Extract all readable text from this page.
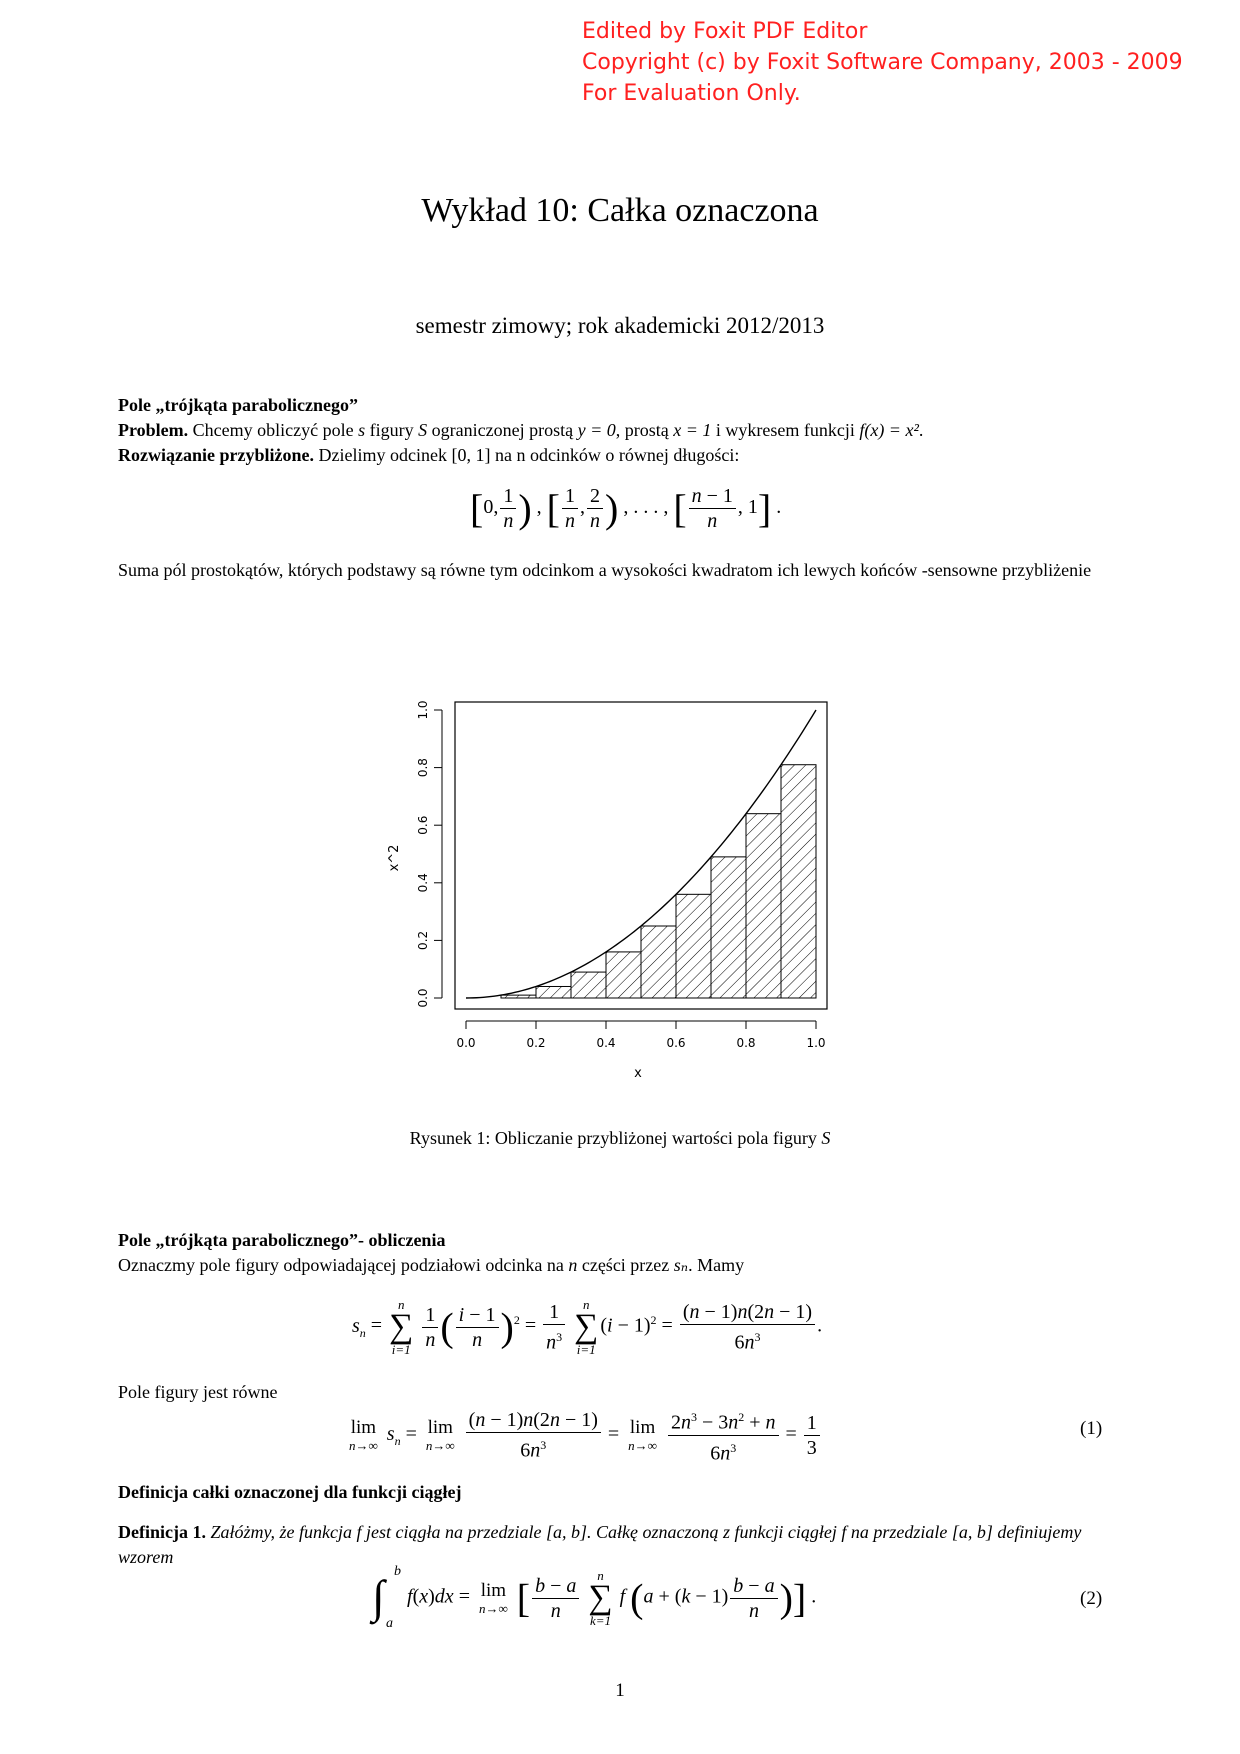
Edited by Foxit PDF Editor
Copyright (c) by Foxit Software Company, 2003 - 2009
For Evaluation Only.
Wykład 10: Całka oznaczona
semestr zimowy; rok akademicki 2012/2013
Pole „trójkąta parabolicznego”
Problem. Chcemy obliczyć pole s figury S ograniczonej prostą y = 0, prostą x = 1 i wykresem funkcji f(x) = x².
Rozwiązanie przybliżone. Dzielimy odcinek [0, 1] na n odcinków o równej długości:
[0, $\frac{1}{n}$ ) , [ $\frac{1}{n}$ , $\frac{2}{n}$ ) , . . . , [ $\frac{n - 1}{n}$ , 1] .
Suma pól prostokątów, których podstawy są równe tym odcinkom a wysokości kwadratom ich lewych końców -sensowne przybliżenie
0.0	0.2	0.4	0.6	0.8	1.0
0.0
0.2
0.4
0.6
0.8
1.0
x
x^2
Rysunek 1: Obliczanie przybliżonej wartości pola figury S
Pole „trójkąta parabolicznego”- obliczenia
Oznaczmy pole figury odpowiadającej podziałowi odcinka na n części przez sₙ. Mamy
$s_n$ =
n
∑
i=1
$\frac{1}{n}$ ( $\frac{i - 1}{n} )^2 = \frac{1}{n^3}$
	n
∑
i=1
$(i - 1)^2 = \frac{(n - 1)n(2n - 1)}{6n^3}$ .
Pole figury jest równe
lim
n→∞
$s_n = \lim$
n→∞
$\frac{(n - 1)n(2n - 1)}{6n^3} = \lim$
n→∞
$\frac{2n^3 - 3n^2 + n}{6n^3} = \frac{1}{3}$	(1)
Definicja całki oznaczonej dla funkcji ciągłej
Definicja 1. Załóżmy, że funkcja f jest ciągła na przedziale [a, b]. Całkę oznaczoną z funkcji ciągłej f na przedziale [a, b] definiujemy wzorem
∫ b
a
f(x)dx = lim
n→∞ [ $\frac{b - a}{n}$
	n
∑
k=1
f ($a + (k - 1) \frac{b - a}{n}$ )] .	(2)
1
